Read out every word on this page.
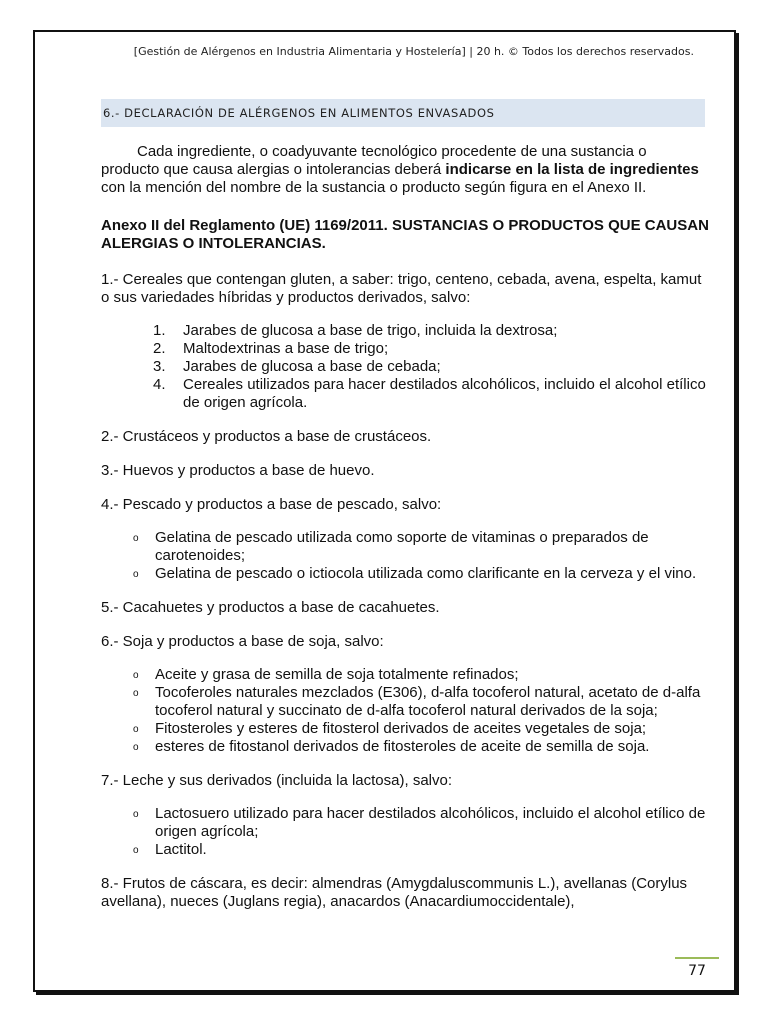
[Gestión de Alérgenos en Industria Alimentaria y Hostelería] | 20 h. © Todos los derechos reservados.
6.- DECLARACIÓN DE ALÉRGENOS EN ALIMENTOS ENVASADOS

Cada ingrediente, o coadyuvante tecnológico procedente de una sustancia o producto que causa alergias o intolerancias deberá indicarse en la lista de ingredientes con la mención del nombre de la sustancia o producto según figura en el Anexo II.

Anexo II del Reglamento (UE) 1169/2011. SUSTANCIAS O PRODUCTOS QUE CAUSAN ALERGIAS O INTOLERANCIAS.

1.- Cereales que contengan gluten, a saber: trigo, centeno, cebada, avena, espelta, kamut o sus variedades híbridas y productos derivados, salvo:

1. Jarabes de glucosa a base de trigo, incluida la dextrosa;
2. Maltodextrinas a base de trigo;
3. Jarabes de glucosa a base de cebada;
4. Cereales utilizados para hacer destilados alcohólicos, incluido el alcohol etílico de origen agrícola.

2.- Crustáceos y productos a base de crustáceos.

3.- Huevos y productos a base de huevo.

4.- Pescado y productos a base de pescado, salvo:

o Gelatina de pescado utilizada como soporte de vitaminas o preparados de carotenoides;
o Gelatina de pescado o ictiocola utilizada como clarificante en la cerveza y el vino.

5.- Cacahuetes y productos a base de cacahuetes.

6.- Soja y productos a base de soja, salvo:

o Aceite y grasa de semilla de soja totalmente refinados;
o Tocoferoles naturales mezclados (E306), d-alfa tocoferol natural, acetato de d-alfa tocoferol natural y succinato de d-alfa tocoferol natural derivados de la soja;
o Fitosteroles y esteres de fitosterol derivados de aceites vegetales de soja;
o esteres de fitostanol derivados de fitosteroles de aceite de semilla de soja.

7.- Leche y sus derivados (incluida la lactosa), salvo:

o Lactosuero utilizado para hacer destilados alcohólicos, incluido el alcohol etílico de origen agrícola;
o Lactitol.

8.- Frutos de cáscara, es decir: almendras (Amygdaluscommunis L.), avellanas (Corylus avellana), nueces (Juglans regia), anacardos (Anacardiumoccidentale),

77
